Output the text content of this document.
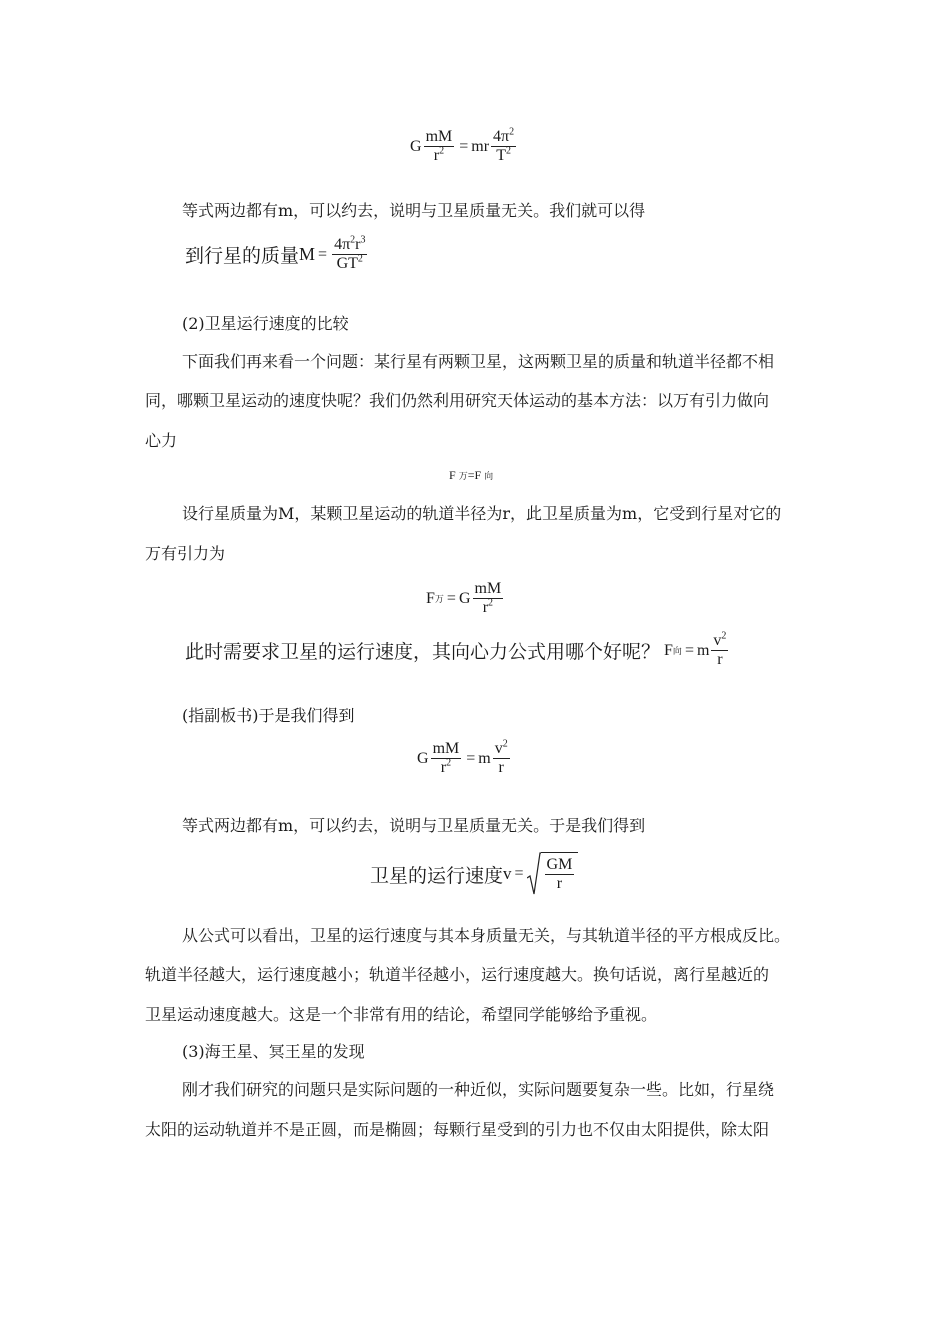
G $\frac{mM}{r^2}$ = mr $\frac{4\pi^2}{T^2}$
等式两边都有m，可以约去，说明与卫星质量无关。我们就可以得
到行星的质量 $M = \frac{4\pi^2r^3}{GT^2}$
(2)卫星运行速度的比较
下面我们再来看一个问题：某行星有两颗卫星，这两颗卫星的质量和轨道半径都不相
同，哪颗卫星运动的速度快呢？我们仍然利用研究天体运动的基本方法：以万有引力做向
心力
F 万 = F 向
设行星质量为M，某颗卫星运动的轨道半径为r，此卫星质量为m，它受到行星对它的
万有引力为
F 万 = G $\frac{mM}{r^2}$
此时需要求卫星的运行速度，其向心力公式用哪个好呢？ F 向 = m $\frac{v^2}{r}$
(指副板书)于是我们得到
G $\frac{mM}{r^2} = m \frac{v^2}{r}$
等式两边都有m，可以约去，说明与卫星质量无关。于是我们得到
卫星的运行速度 $v = \frac{GM}{r}$
从公式可以看出，卫星的运行速度与其本身质量无关，与其轨道半径的平方根成反比。
轨道半径越大，运行速度越小；轨道半径越小，运行速度越大。换句话说，离行星越近的
卫星运动速度越大。这是一个非常有用的结论，希望同学能够给予重视。
(3)海王星、冥王星的发现
刚才我们研究的问题只是实际问题的一种近似，实际问题要复杂一些。比如，行星绕
太阳的运动轨道并不是正圆，而是椭圆；每颗行星受到的引力也不仅由太阳提供，除太阳
